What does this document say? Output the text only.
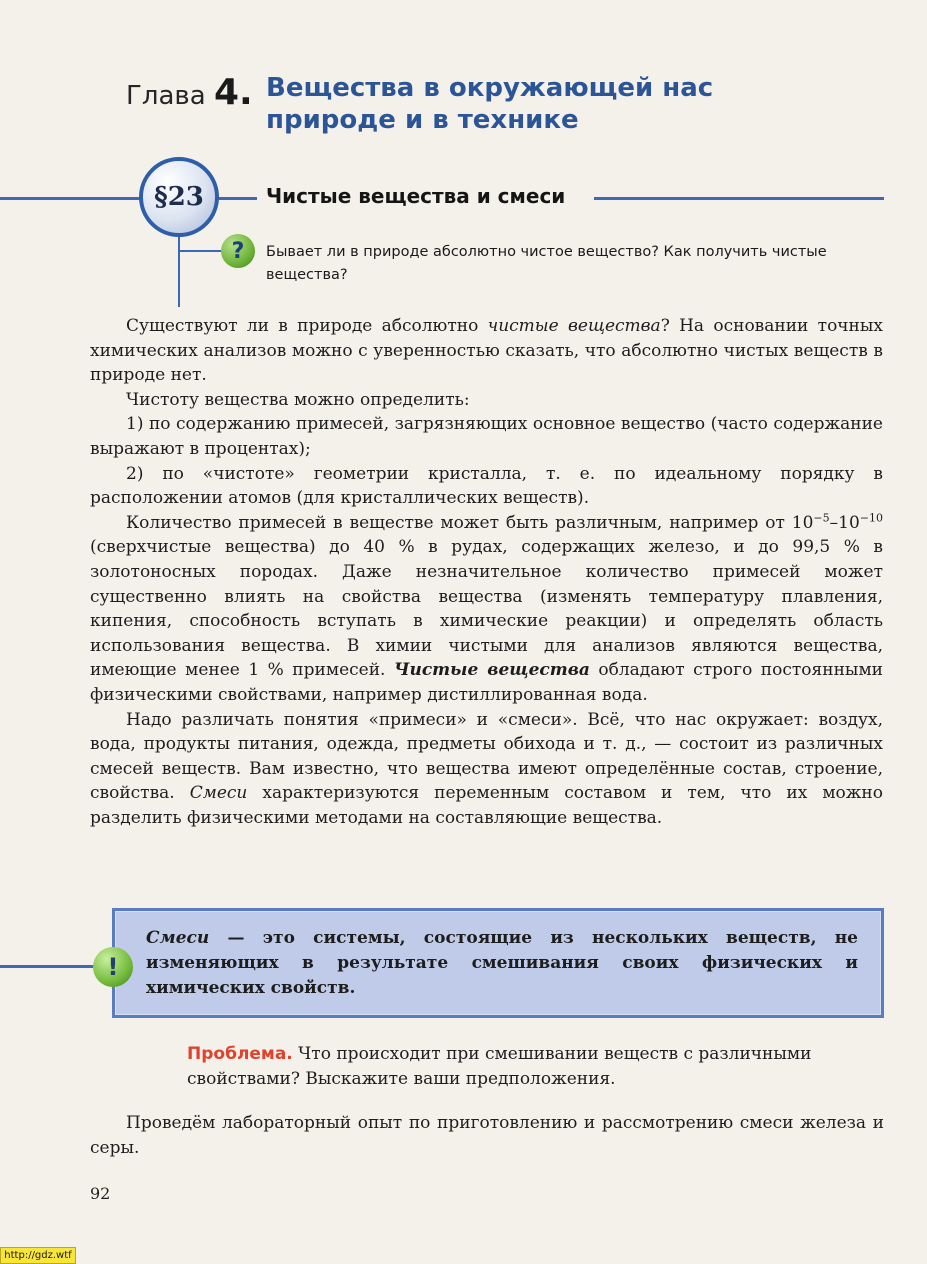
Глава 4. Вещества в окружающей нас природе и в технике
§23	Чистые вещества и смеси
?	Бывает ли в природе абсолютно чистое вещество? Как получить чистые вещества?

Существуют ли в природе абсолютно чистые вещества? На основании точных химических анализов можно с уверенностью сказать, что абсолютно чистых веществ в природе нет.

Чистоту вещества можно определить:

1) по содержанию примесей, загрязняющих основное вещество (часто содержание выражают в процентах);

2) по «чистоте» геометрии кристалла, т. е. по идеальному порядку в расположении атомов (для кристаллических веществ).

Количество примесей в веществе может быть различным, например от $10^{-5}-10^{-10}$ (сверхчистые вещества) до 40 % в рудах, содержащих железо, и до 99,5 % в золотоносных породах. Даже незначительное количество примесей может существенно влиять на свойства вещества (изменять температуру плавления, кипения, способность вступать в химические реакции) и определять область использования вещества. В химии чистыми для анализов являются вещества, имеющие менее 1 % примесей. Чистые вещества обладают строго постоянными физическими свойствами, например дистиллированная вода.

Надо различать понятия «примеси» и «смеси». Всё, что нас окружает: воздух, вода, продукты питания, одежда, предметы обихода и т. д., — состоит из различных смесей веществ. Вам известно, что вещества имеют определённые состав, строение, свойства. Смеси характеризуются переменным составом и тем, что их можно разделить физическими методами на составляющие вещества.

!
Смеси — это системы, состоящие из нескольких веществ, не изменяющих в результате смешивания своих физических и химических свойств.
Проблема. Что происходит при смешивании веществ с различными свойствами? Выскажите ваши предположения.
Проведём лабораторный опыт по приготовлению и рассмотрению смеси железа и серы.
92
http://gdz.wtf
